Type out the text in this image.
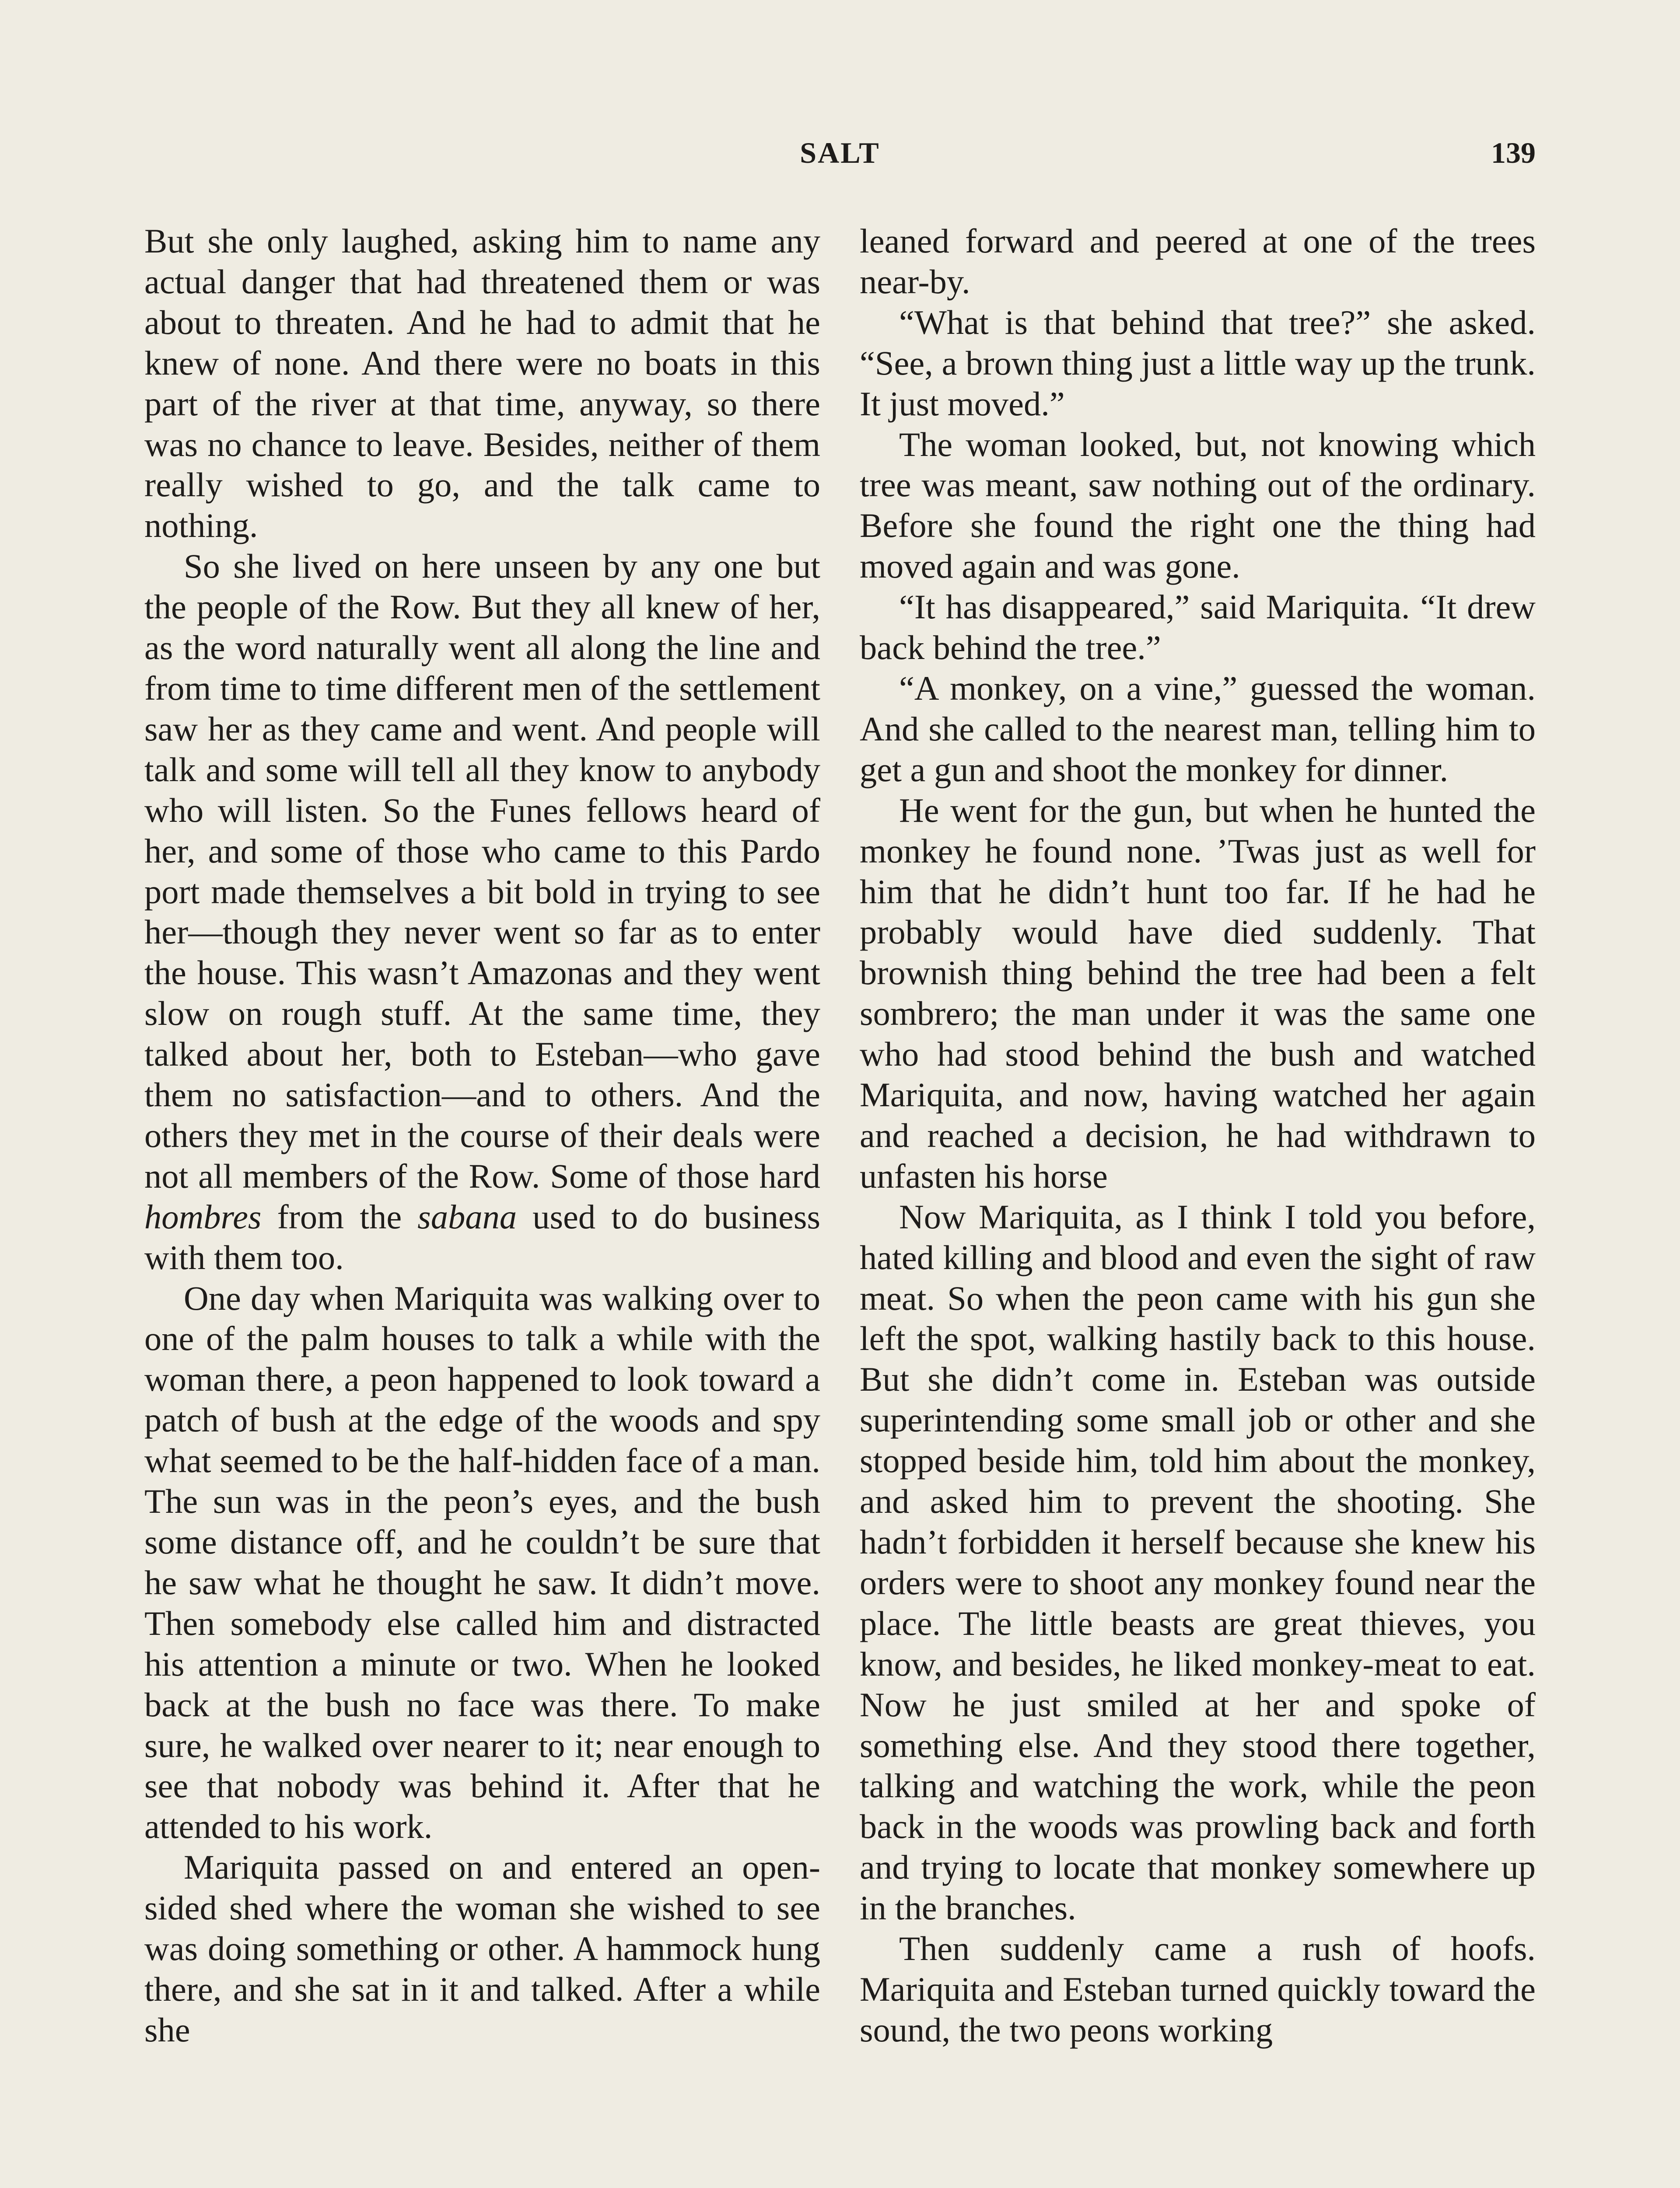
SALT	139

But she only laughed, asking him to name any actual danger that had threatened them or was about to threaten. And he had to admit that he knew of none. And there were no boats in this part of the river at that time, anyway, so there was no chance to leave. Besides, neither of them really wished to go, and the talk came to nothing.

So she lived on here unseen by any one but the people of the Row. But they all knew of her, as the word naturally went all along the line and from time to time different men of the settlement saw her as they came and went. And people will talk and some will tell all they know to anybody who will listen. So the Funes fellows heard of her, and some of those who came to this Pardo port made themselves a bit bold in trying to see her—though they never went so far as to enter the house. This wasn’t Amazonas and they went slow on rough stuff. At the same time, they talked about her, both to Esteban—who gave them no satisfaction—and to others. And the others they met in the course of their deals were not all members of the Row. Some of those hard hombres from the sabana used to do business with them too.

One day when Mariquita was walking over to one of the palm houses to talk a while with the woman there, a peon happened to look toward a patch of bush at the edge of the woods and spy what seemed to be the half-hidden face of a man. The sun was in the peon’s eyes, and the bush some distance off, and he couldn’t be sure that he saw what he thought he saw. It didn’t move. Then somebody else called him and distracted his attention a minute or two. When he looked back at the bush no face was there. To make sure, he walked over nearer to it; near enough to see that nobody was behind it. After that he attended to his work.

Mariquita passed on and entered an open-sided shed where the woman she wished to see was doing something or other. A hammock hung there, and she sat in it and talked. After a while she

leaned forward and peered at one of the trees near-by.

“What is that behind that tree?” she asked. “See, a brown thing just a little way up the trunk. It just moved.”

The woman looked, but, not knowing which tree was meant, saw nothing out of the ordinary. Before she found the right one the thing had moved again and was gone.

“It has disappeared,” said Mariquita. “It drew back behind the tree.”

“A monkey, on a vine,” guessed the woman. And she called to the nearest man, telling him to get a gun and shoot the monkey for dinner.

He went for the gun, but when he hunted the monkey he found none. ’Twas just as well for him that he didn’t hunt too far. If he had he probably would have died suddenly. That brownish thing behind the tree had been a felt sombrero; the man under it was the same one who had stood behind the bush and watched Mariquita, and now, having watched her again and reached a decision, he had withdrawn to unfasten his horse

Now Mariquita, as I think I told you before, hated killing and blood and even the sight of raw meat. So when the peon came with his gun she left the spot, walking hastily back to this house. But she didn’t come in. Esteban was outside superintending some small job or other and she stopped beside him, told him about the monkey, and asked him to prevent the shooting. She hadn’t forbidden it herself because she knew his orders were to shoot any monkey found near the place. The little beasts are great thieves, you know, and besides, he liked monkey-meat to eat. Now he just smiled at her and spoke of something else. And they stood there together, talking and watching the work, while the peon back in the woods was prowling back and forth and trying to locate that monkey somewhere up in the branches.

Then suddenly came a rush of hoofs. Mariquita and Esteban turned quickly toward the sound, the two peons working
